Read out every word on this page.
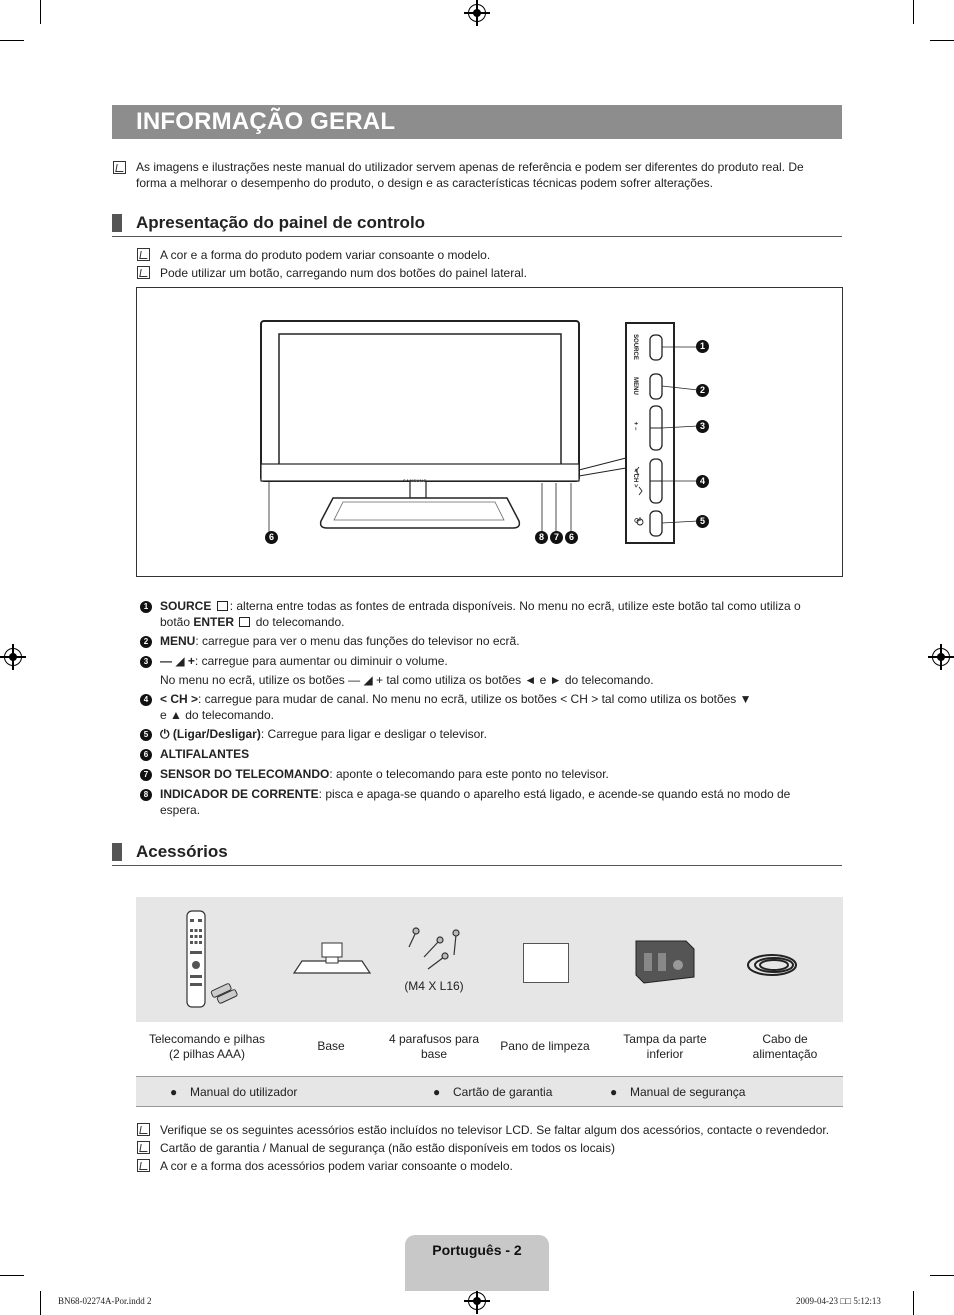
INFORMAÇÃO GERAL
As imagens e ilustrações neste manual do utilizador servem apenas de referência e podem ser diferentes do produto real. De forma a melhorar o desempenho do produto, o design e as características técnicas podem sofrer alterações.
Apresentação do painel de controlo
A cor e a forma do produto podem variar consoante o modelo.
Pode utilizar um botão, carregando num dos botões do painel lateral.
SAMSUNG
SOURCE
MENU
+ −
< CH >
⏻
1
2
3
4
5
6	8	7	6
1 SOURCE : alterna entre todas as fontes de entrada disponíveis. No menu no ecrã, utilize este botão tal como utiliza o botão ENTER do telecomando.
2 MENU: carregue para ver o menu das funções do televisor no ecrã.
3 — ◢ +: carregue para aumentar ou diminuir o volume.
No menu no ecrã, utilize os botões — ◢ + tal como utiliza os botões ◄ e ► do telecomando.
4 < CH >: carregue para mudar de canal. No menu no ecrã, utilize os botões < CH > tal como utiliza os botões ▼
e ▲ do telecomando.
5 ⏻ (Ligar/Desligar): Carregue para ligar e desligar o televisor.
6 ALTIFALANTES
7 SENSOR DO TELECOMANDO: aponte o telecomando para este ponto no televisor.
8 INDICADOR DE CORRENTE: pisca e apaga-se quando o aparelho está ligado, e acende-se quando está no modo de
espera.
Acessórios
(M4 X L16)
Telecomando e pilhas
(2 pilhas AAA)
Base	4 parafusos para
base
Pano de limpeza	Tampa da parte
inferior
Cabo de
alimentação
● Manual do utilizador	● Cartão de garantia	● Manual de segurança
Verifique se os seguintes acessórios estão incluídos no televisor LCD. Se faltar algum dos acessórios, contacte o revendedor.
Cartão de garantia / Manual de segurança (não estão disponíveis em todos os locais)
A cor e a forma dos acessórios podem variar consoante o modelo.
Português - 2
BN68-02274A-Por.indd 2	2009-04-23 □□ 5:12:13
